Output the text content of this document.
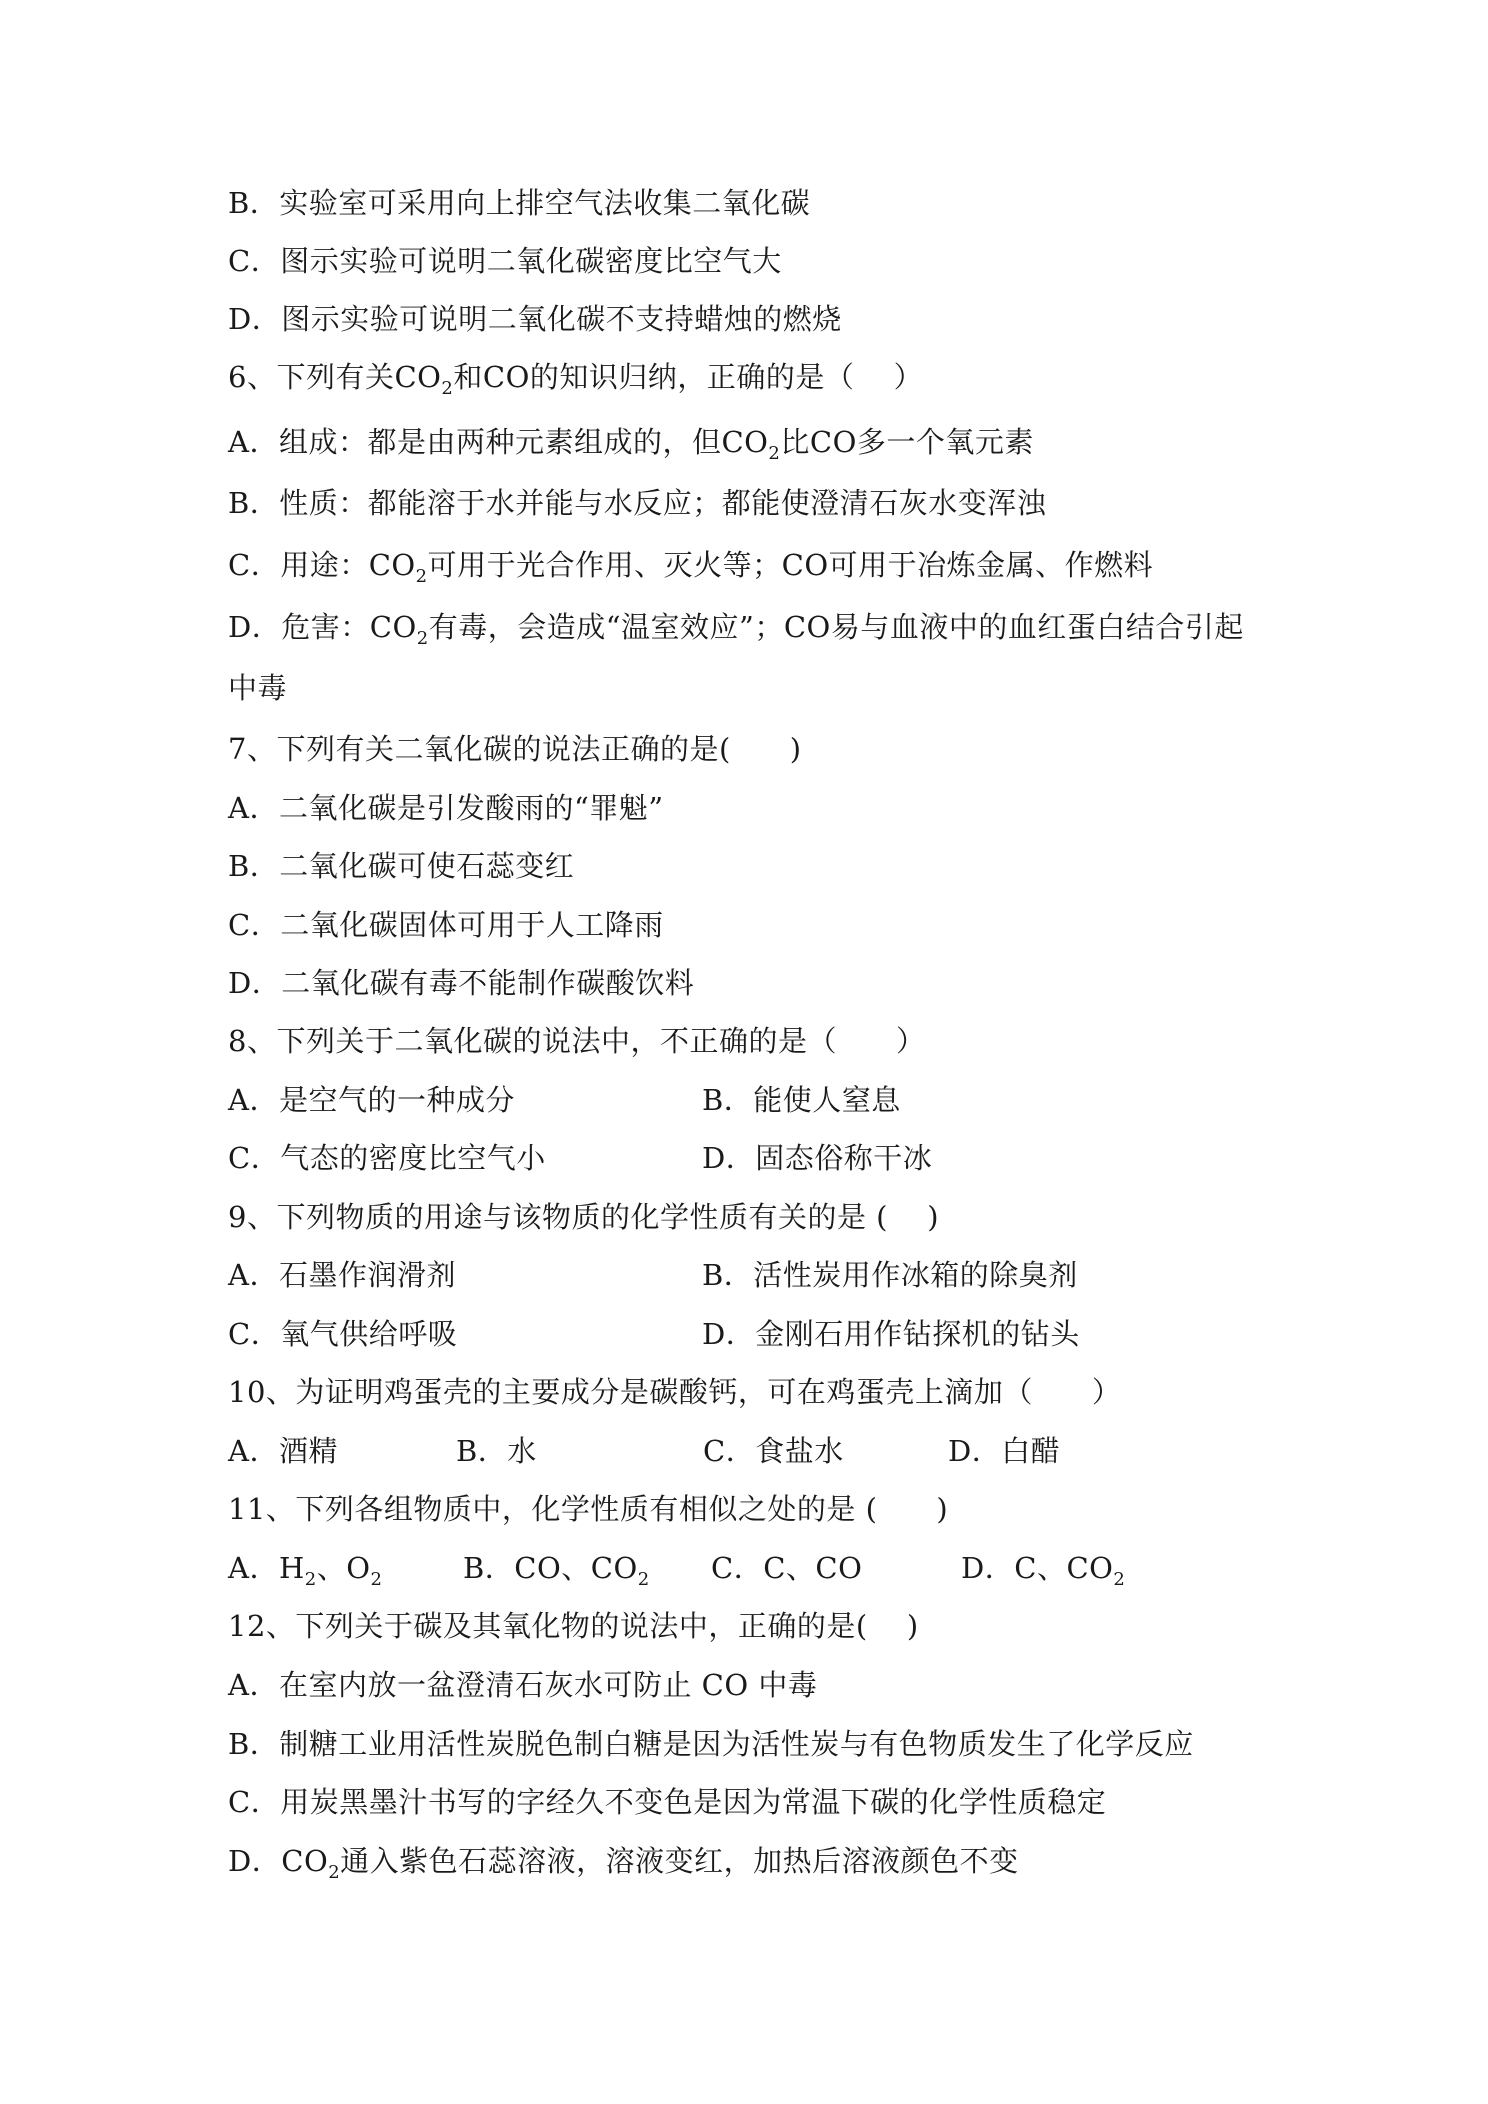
B．实验室可采用向上排空气法收集二氧化碳
C．图示实验可说明二氧化碳密度比空气大
D．图示实验可说明二氧化碳不支持蜡烛的燃烧
6、下列有关$CO_2$和CO的知识归纳，正确的是（　 ）
A．组成：都是由两种元素组成的，但$CO_2$比CO多一个氧元素
B．性质：都能溶于水并能与水反应；都能使澄清石灰水变浑浊
C．用途：$CO_2$可用于光合作用、灭火等；CO可用于冶炼金属、作燃料
D．危害：$CO_2$有毒，会造成“温室效应”；CO易与血液中的血红蛋白结合引起
中毒
7、下列有关二氧化碳的说法正确的是(　　)
A．二氧化碳是引发酸雨的“罪魁”
B．二氧化碳可使石蕊变红
C．二氧化碳固体可用于人工降雨
D．二氧化碳有毒不能制作碳酸饮料
8、下列关于二氧化碳的说法中，不正确的是（　　）
A．是空气的一种成分	B．能使人窒息
C．气态的密度比空气小	D．固态俗称干冰
9、下列物质的用途与该物质的化学性质有关的是 (　 )
A．石墨作润滑剂	B．活性炭用作冰箱的除臭剂
C．氧气供给呼吸	D．金刚石用作钻探机的钻头
10、为证明鸡蛋壳的主要成分是碳酸钙，可在鸡蛋壳上滴加（　　）
A．酒精	B．水	C．食盐水	D．白醋
11、下列各组物质中，化学性质有相似之处的是 (　　)
A．$H_2$、$O_2$	B．CO、$CO_2$ C．C、CO	D．C、$CO_2$
12、下列关于碳及其氧化物的说法中，正确的是(　 )
A．在室内放一盆澄清石灰水可防止 CO 中毒
B．制糖工业用活性炭脱色制白糖是因为活性炭与有色物质发生了化学反应
C．用炭黑墨汁书写的字经久不变色是因为常温下碳的化学性质稳定
D．$CO_2$通入紫色石蕊溶液，溶液变红，加热后溶液颜色不变
